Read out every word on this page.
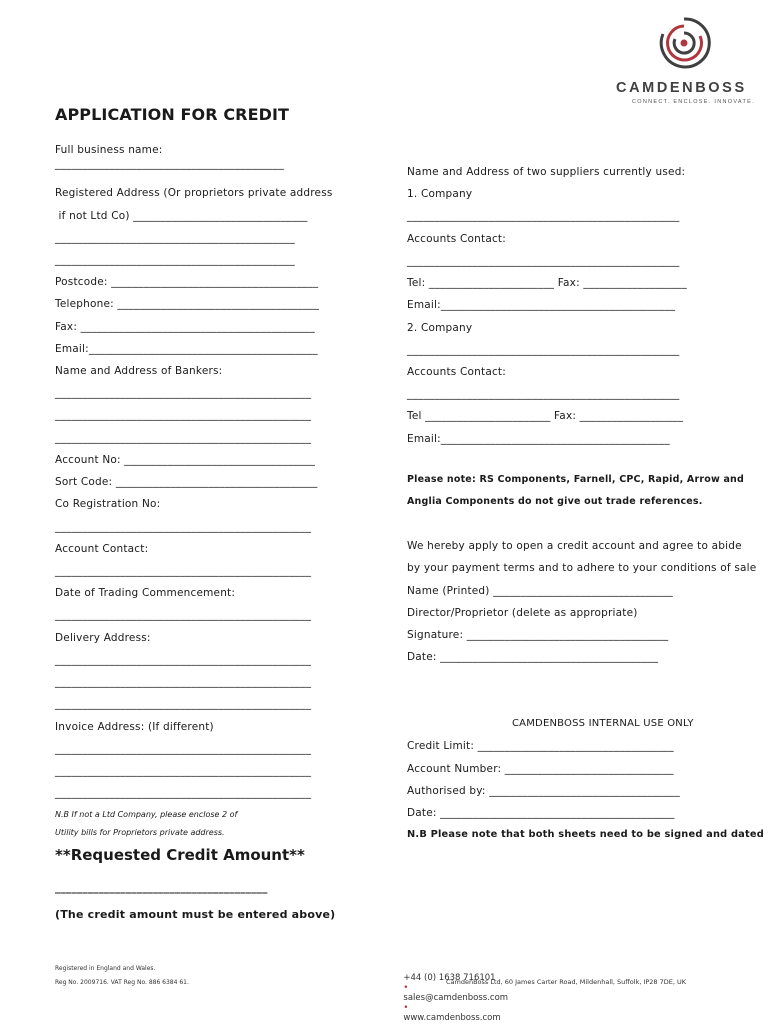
CAMDENBOSS
CONNECT. ENCLOSE. INNOVATE.
APPLICATION FOR CREDIT
Full business name:
__________________________________________
Registered Address (Or proprietors private address
if not Ltd Co) ________________________________
____________________________________________
____________________________________________
Postcode: ______________________________________
Telephone: _____________________________________
Fax: ___________________________________________
Email:__________________________________________
Name and Address of Bankers:
_______________________________________________
_______________________________________________
_______________________________________________
Account No: ___________________________________
Sort Code: _____________________________________
Co Registration No:
_______________________________________________
Account Contact:
_______________________________________________
Date of Trading Commencement:
_______________________________________________
Delivery Address:
_______________________________________________
_______________________________________________
_______________________________________________
Invoice Address: (If different)
_______________________________________________
_______________________________________________
_______________________________________________
N.B If not a Ltd Company, please enclose 2 of
Utility bills for Proprietors private address.
**Requested Credit Amount**
_______________________________________
(The credit amount must be entered above)
Name and Address of two suppliers currently used:
1. Company
__________________________________________________
Accounts Contact:
__________________________________________________
Tel: _______________________ Fax: ___________________
Email:___________________________________________
2. Company
__________________________________________________
Accounts Contact:
__________________________________________________
Tel _______________________ Fax: ___________________
Email:__________________________________________
Please note: RS Components, Farnell, CPC, Rapid, Arrow and
Anglia Components do not give out trade references.
We hereby apply to open a credit account and agree to abide
by your payment terms and to adhere to your conditions of sale
Name (Printed) _________________________________
Director/Proprietor (delete as appropriate)
Signature: _____________________________________
Date: ________________________________________
CAMDENBOSS INTERNAL USE ONLY
Credit Limit: ____________________________________
Account Number: _______________________________
Authorised by: ___________________________________
Date: ___________________________________________
N.B Please note that both sheets need to be signed and dated
Registered in England and Wales.
Reg No. 2009716. VAT Reg No. 886 6384 61.	+44 (0) 1638 716101
•
sales@camdenboss.com
•
www.camdenboss.com

CamdenBoss Ltd, 60 James Carter Road, Mildenhall, Suffolk, IP28 7DE, UK
